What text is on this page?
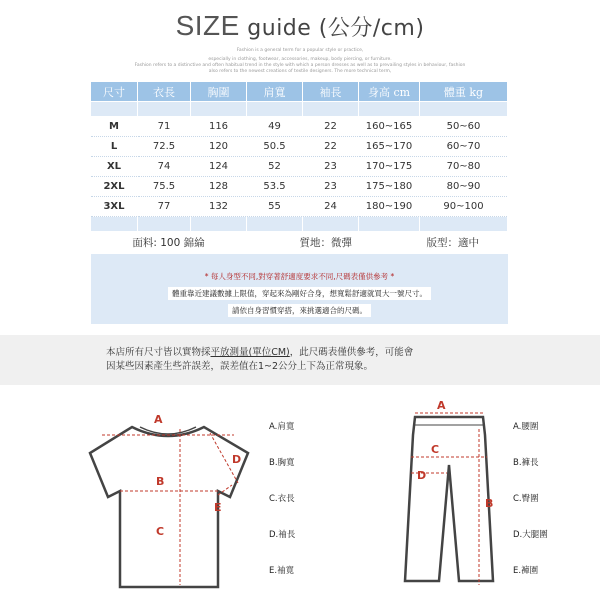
SIZE guide (公分/cm)
Fashion is a general term for a popular style or practice,
especially in clothing, footwear, accessories, makeup, body piercing, or furniture.
Fashion refers to a distinctive and often habitual trend in the style with which a person dresses as well as to prevailing styles in behaviour, fashion
also refers to the newest creations of textile designers. The more technical term,
尺寸	衣長	胸圍	肩寬	袖長	身高 cm	體重 kg

M	71	116	49	22	160~165	50~60
L	72.5	120	50.5	22	165~170	60~70
XL	74	124	52	23	170~175	70~80
2XL	75.5	128	53.5	23	175~180	80~90
3XL	77	132	55	24	180~190	90~100

面料: 100 錦綸			質地：微彈		版型：適中	
* 每人身型不同,對穿著舒適度要求不同,尺碼表僅供參考 *
體重靠近建議數據上限值，穿起來為剛好合身，想寬鬆舒適就買大一號尺寸。
請依自身習慣穿搭，來挑選適合的尺碼。
本店所有尺寸皆以實物採平放測量(單位CM)，此尺碼表僅供參考，可能會
因某些因素產生些許誤差，誤差值在1~2公分上下為正常現象。
A
B
C
D
E
A.肩寬
B.胸寬
C.衣長
D.袖長
E.袖寬
A
B
C
D
A.腰圍
B.褲長
C.臀圍
D.大腿圍
E.褲圍
